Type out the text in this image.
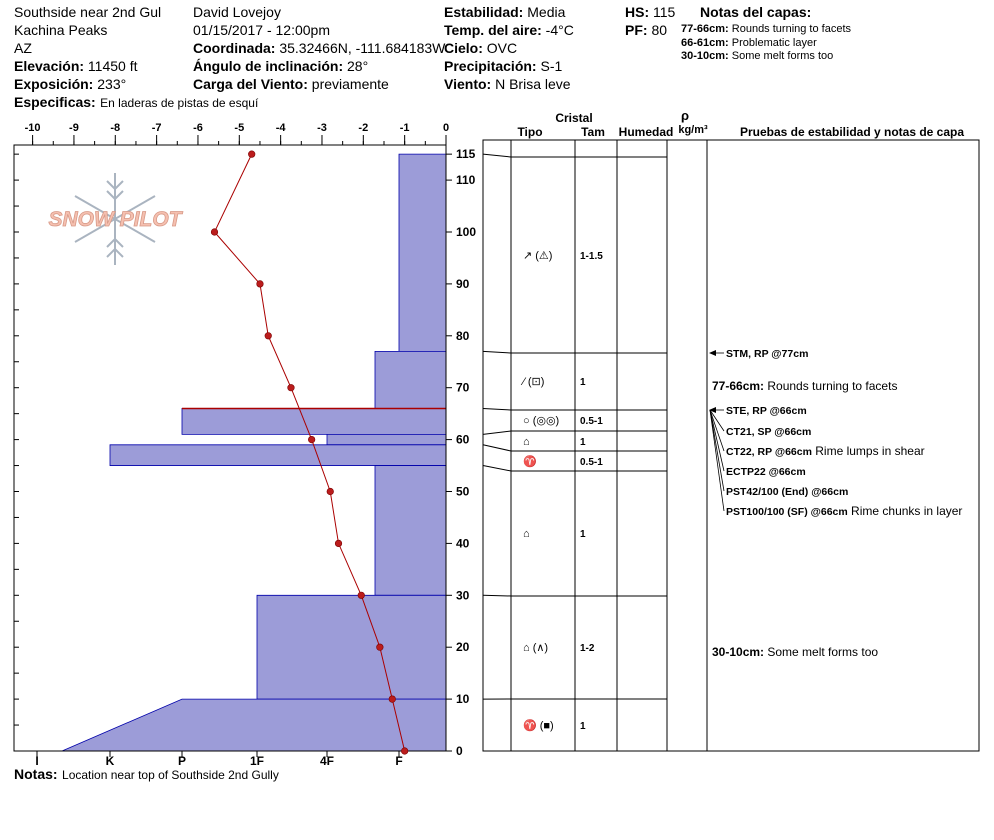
Southside near 2nd Gul
Kachina Peaks
AZ
Elevación: 11450 ft
Exposición: 233°
Especificas: En laderas de pistas de esquí
David Lovejoy
01/15/2017 - 12:00pm
Coordinada: 35.32466N, -111.684183W
Ángulo de inclinación: 28°
Carga del Viento: previamente
Estabilidad: Media
Temp. del aire: -4°C
Cielo: OVC
Precipitación: S-1
Viento: N Brisa leve
HS: 115
PF: 80
Notas del capas:
77-66cm: Rounds turning to facets
66-61cm: Problematic layer
30-10cm: Some melt forms too
SNOW PILOT
-10	-9	-8	-7	-6	-5	-4	-3	-2	-1	0
I	K	P	1F	4F	F
0
10
20
30
40
50
60
70
80
90
100
110
115
Cristal
Tipo	Tam Humedad
ρ
kg/m³	Pruebas de estabilidad y notas de capa
↗ (⚠)	1-1.5
⁄ (⊡)	1
○ (◎◎) 0.5-1
⌂	1
♈	0.5-1
⌂	1
⌂ (∧)	1-2
♈ (■)	1
STM, RP @77cm
77-66cm: Rounds turning to facets
STE, RP @66cm
CT21, SP @66cm
CT22, RP @66cm Rime lumps in shear
ECTP22 @66cm
PST42/100 (End) @66cm
PST100/100 (SF) @66cm Rime chunks in layer
30-10cm: Some melt forms too
Notas: Location near top of Southside 2nd Gully
